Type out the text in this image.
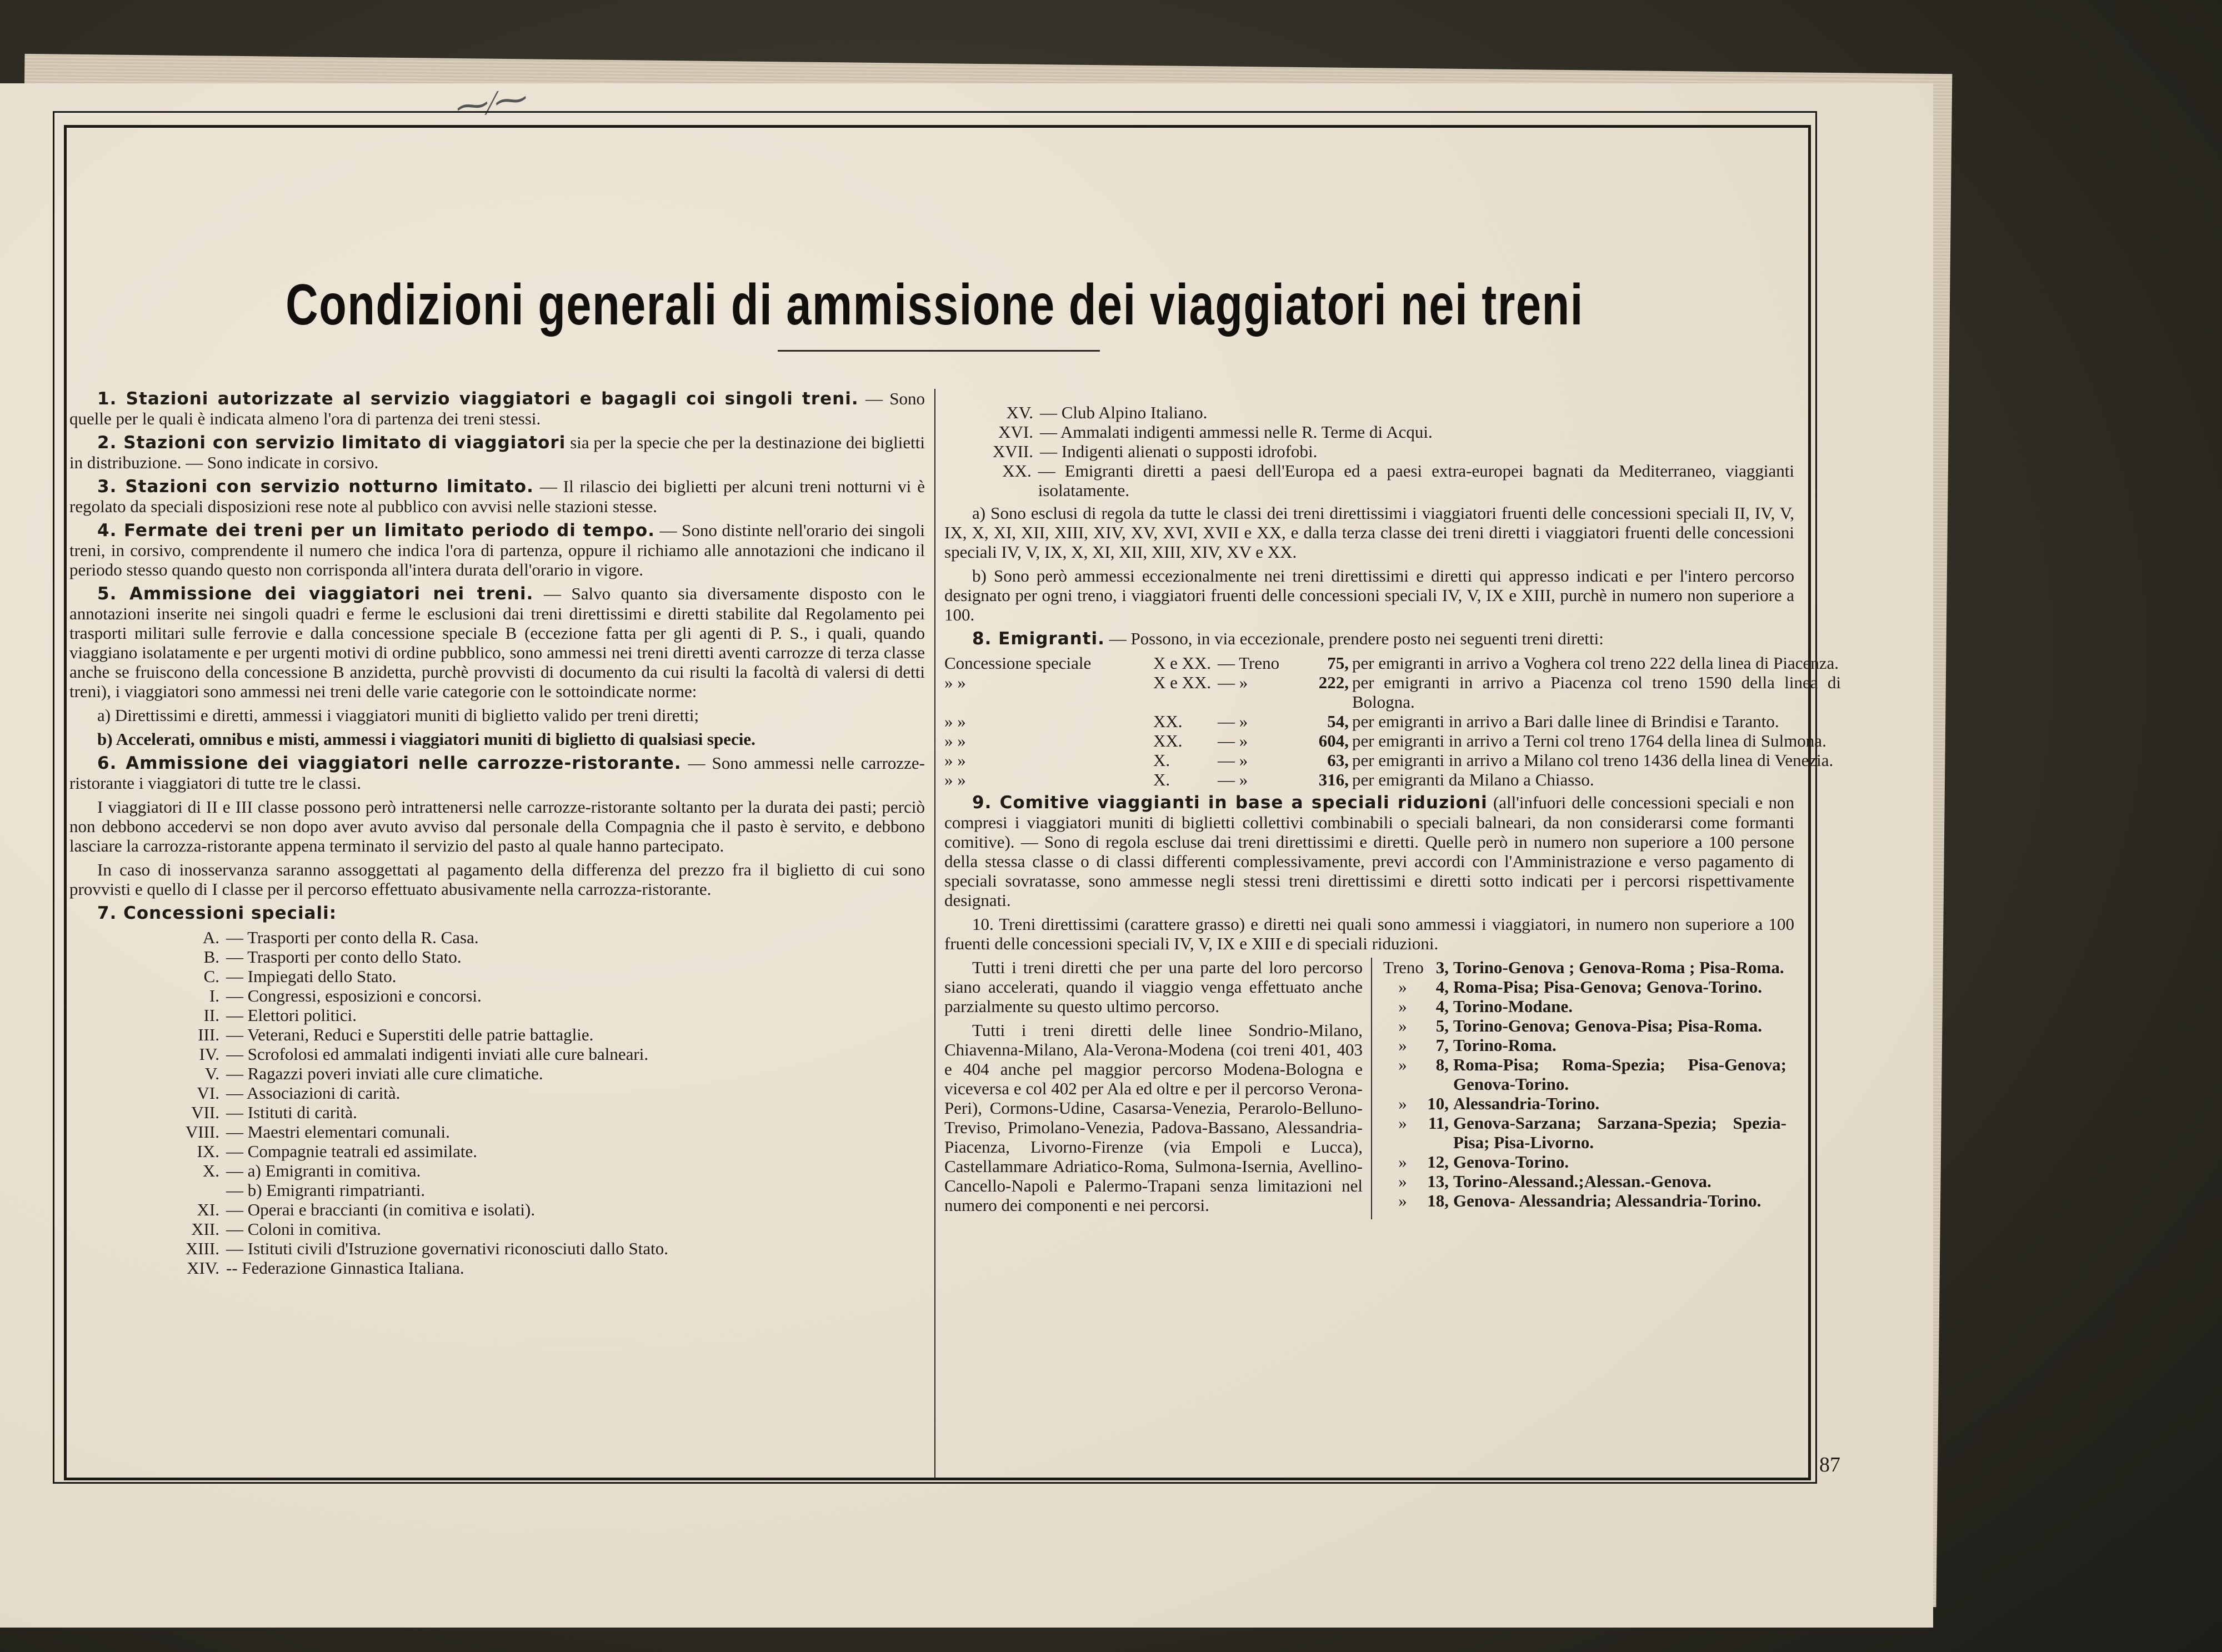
⁓⁄⁓
Condizioni generali di ammissione dei viaggiatori nei treni

1. Stazioni autorizzate al servizio viaggiatori e bagagli coi singoli treni. — Sono quelle per le quali è indicata almeno l'ora di partenza dei treni stessi.

2. Stazioni con servizio limitato di viaggiatori sia per la specie che per la destinazione dei biglietti in distribuzione. — Sono indicate in corsivo.

3. Stazioni con servizio notturno limitato. — Il rilascio dei biglietti per alcuni treni notturni vi è regolato da speciali disposizioni rese note al pubblico con avvisi nelle stazioni stesse.

4. Fermate dei treni per un limitato periodo di tempo. — Sono distinte nell'orario dei singoli treni, in corsivo, comprendente il numero che indica l'ora di partenza, oppure il richiamo alle annotazioni che indicano il periodo stesso quando questo non corrisponda all'intera durata dell'orario in vigore.

5. Ammissione dei viaggiatori nei treni. — Salvo quanto sia diversamente disposto con le annotazioni inserite nei singoli quadri e ferme le esclusioni dai treni direttissimi e diretti stabilite dal Regolamento pei trasporti militari sulle ferrovie e dalla concessione speciale B (eccezione fatta per gli agenti di P. S., i quali, quando viaggiano isolatamente e per urgenti motivi di ordine pubblico, sono ammessi nei treni diretti aventi carrozze di terza classe anche se fruiscono della concessione B anzidetta, purchè provvisti di documento da cui risulti la facoltà di valersi di detti treni), i viaggiatori sono ammessi nei treni delle varie categorie con le sottoindicate norme:

a) Direttissimi e diretti, ammessi i viaggiatori muniti di biglietto valido per treni diretti;

b) Accelerati, omnibus e misti, ammessi i viaggiatori muniti di biglietto di qualsiasi specie.

6. Ammissione dei viaggiatori nelle carrozze-ristorante. — Sono ammessi nelle carrozze-ristorante i viaggiatori di tutte tre le classi.

I viaggiatori di II e III classe possono però intrattenersi nelle carrozze-ristorante soltanto per la durata dei pasti; perciò non debbono accedervi se non dopo aver avuto avviso dal personale della Compagnia che il pasto è servito, e debbono lasciare la carrozza-ristorante appena terminato il servizio del pasto al quale hanno partecipato.

In caso di inosservanza saranno assoggettati al pagamento della differenza del prezzo fra il biglietto di cui sono provvisti e quello di I classe per il percorso effettuato abusivamente nella carrozza-ristorante.

7. Concessioni speciali:

A. — Trasporti per conto della R. Casa.
B. — Trasporti per conto dello Stato.
C. — Impiegati dello Stato.
I. — Congressi, esposizioni e concorsi.
II. — Elettori politici.
III. — Veterani, Reduci e Superstiti delle patrie battaglie.
IV. — Scrofolosi ed ammalati indigenti inviati alle cure balneari.
V. — Ragazzi poveri inviati alle cure climatiche.
VI. — Associazioni di carità.
VII. — Istituti di carità.
VIII. — Maestri elementari comunali.
IX. — Compagnie teatrali ed assimilate.
X. — a) Emigranti in comitiva.
— b) Emigranti rimpatrianti.
XI. — Operai e braccianti (in comitiva e isolati).
XII. — Coloni in comitiva.
XIII. — Istituti civili d'Istruzione governativi riconosciuti dallo Stato.
XIV. -- Federazione Ginnastica Italiana.
XV. — Club Alpino Italiano.
XVI. — Ammalati indigenti ammessi nelle R. Terme di Acqui.
XVII. — Indigenti alienati o supposti idrofobi.
XX. — Emigranti diretti a paesi dell'Europa ed a paesi extra-europei bagnati da Mediterraneo, viaggianti isolatamente.

a) Sono esclusi di regola da tutte le classi dei treni direttissimi i viaggiatori fruenti delle concessioni speciali II, IV, V, IX, X, XI, XII, XIII, XIV, XV, XVI, XVII e XX, e dalla terza classe dei treni diretti i viaggiatori fruenti delle concessioni speciali IV, V, IX, X, XI, XII, XIII, XIV, XV e XX.

b) Sono però ammessi eccezionalmente nei treni direttissimi e diretti qui appresso indicati e per l'intero percorso designato per ogni treno, i viaggiatori fruenti delle concessioni speciali IV, V, IX e XIII, purchè in numero non superiore a 100.

8. Emigranti. — Possono, in via eccezionale, prendere posto nei seguenti treni diretti:

Concessione speciale	X e XX. — Treno	75, per emigranti in arrivo a Voghera col treno 222 della linea di Piacenza.
» »	X e XX. — »	222, per emigranti in arrivo a Piacenza col treno 1590 della linea di Bologna.
» »	XX.	— »	54, per emigranti in arrivo a Bari dalle linee di Brindisi e Taranto.
» »	XX.	— »	604, per emigranti in arrivo a Terni col treno 1764 della linea di Sulmona.
» »	X.	— »	63, per emigranti in arrivo a Milano col treno 1436 della linea di Venezia.
» »	X.	— »	316, per emigranti da Milano a Chiasso.

9. Comitive viaggianti in base a speciali riduzioni (all'infuori delle concessioni speciali e non compresi i viaggiatori muniti di biglietti collettivi combinabili o speciali balneari, da non considerarsi come formanti comitive). — Sono di regola escluse dai treni direttissimi e diretti. Quelle però in numero non superiore a 100 persone della stessa classe o di classi differenti complessivamente, previ accordi con l'Amministrazione e verso pagamento di speciali sovratasse, sono ammesse negli stessi treni direttissimi e diretti sotto indicati per i percorsi rispettivamente designati.

10. Treni direttissimi (carattere grasso) e diretti nei quali sono ammessi i viaggiatori, in numero non superiore a 100 fruenti delle concessioni speciali IV, V, IX e XIII e di speciali riduzioni.

Tutti i treni diretti che per una parte del loro percorso siano accelerati, quando il viaggio venga effettuato anche parzialmente su questo ultimo percorso.

Tutti i treni diretti delle linee Sondrio-Milano, Chiavenna-Milano, Ala-Verona-Modena (coi treni 401, 403 e 404 anche pel maggior percorso Modena-Bologna e viceversa e col 402 per Ala ed oltre e per il percorso Verona-Peri), Cormons-Udine, Casarsa-Venezia, Perarolo-Belluno-Treviso, Primolano-Venezia, Padova-Bassano, Alessandria-Piacenza, Livorno-Firenze (via Empoli e Lucca), Castellammare Adriatico-Roma, Sulmona-Isernia, Avellino-Cancello-Napoli e Palermo-Trapani senza limitazioni nel numero dei componenti e nei percorsi.

Treno 3, Torino-Genova ; Genova-Roma ; Pisa-Roma.
»	4, Roma-Pisa; Pisa-Genova; Genova-Torino.
»	4, Torino-Modane.
»	5, Torino-Genova; Genova-Pisa; Pisa-Roma.
»	7, Torino-Roma.
»	8, Roma-Pisa; Roma-Spezia; Pisa-Genova; Genova-Torino.
»	10, Alessandria-Torino.
»	11, Genova-Sarzana; Sarzana-Spezia; Spezia-Pisa; Pisa-Livorno.
»	12, Genova-Torino.
»	13, Torino-Alessand.;Alessan.-Genova.
»	18, Genova- Alessandria; Alessandria-Torino.
87
